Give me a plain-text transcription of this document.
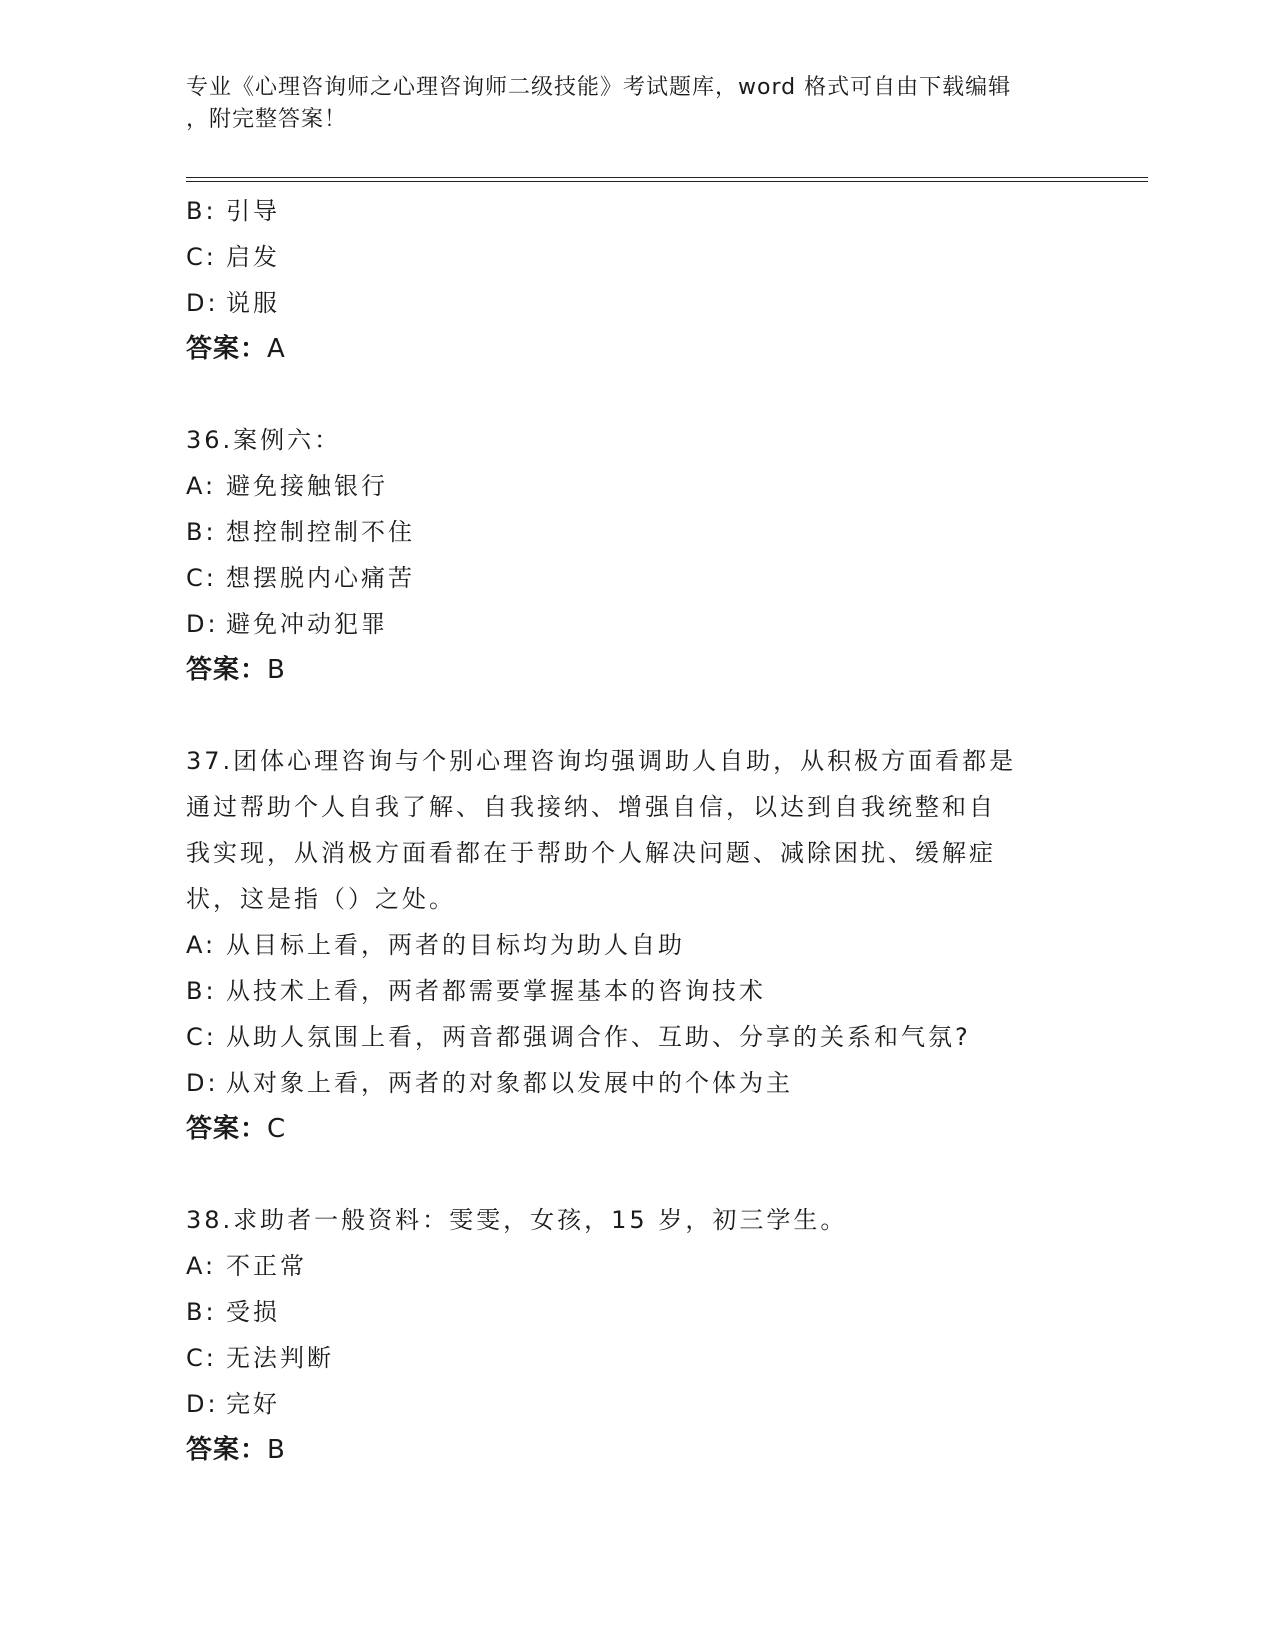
专业《心理咨询师之心理咨询师二级技能》考试题库，word 格式可自由下载编辑
，附完整答案！
B: 引导
C: 启发
D: 说服
答案：A
36.案例六：
A: 避免接触银行
B: 想控制控制不住
C: 想摆脱内心痛苦
D: 避免冲动犯罪
答案：B
37.团体心理咨询与个别心理咨询均强调助人自助，从积极方面看都是
通过帮助个人自我了解、自我接纳、增强自信，以达到自我统整和自
我实现，从消极方面看都在于帮助个人解决问题、减除困扰、缓解症
状，这是指（）之处。
A: 从目标上看，两者的目标均为助人自助
B: 从技术上看，两者都需要掌握基本的咨询技术
C: 从助人氛围上看，两音都强调合作、互助、分享的关系和气氛?
D: 从对象上看，两者的对象都以发展中的个体为主
答案：C
38.求助者一般资料：雯雯，女孩，15 岁，初三学生。
A: 不正常
B: 受损
C: 无法判断
D: 完好
答案：B
